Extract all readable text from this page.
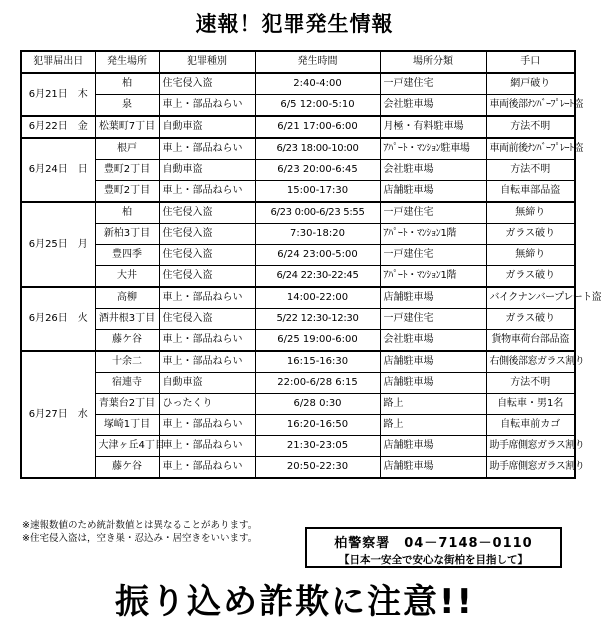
速報！犯罪発生情報
犯罪届出日	発生場所	犯罪種別	発生時間	場所分類	手口
6月21日　木	柏	住宅侵入盗	2:40-4:00	一戸建住宅	網戸破り
	泉	車上・部品ねらい	6/5 12:00-5:10	会社駐車場	車両後部ﾅﾝﾊﾞｰﾌﾟﾚｰﾄ盗
6月22日　金	松葉町7丁目	自動車盗	6/21 17:00-6:00	月極・有料駐車場	方法不明
6月24日　日	根戸	車上・部品ねらい	6/23 18:00-10:00	ｱﾊﾟｰﾄ・ﾏﾝｼｮﾝ駐車場	車両前後ﾅﾝﾊﾞｰﾌﾟﾚｰﾄ盗
	豊町2丁目	自動車盗	6/23 20:00-6:45	会社駐車場	方法不明
	豊町2丁目	車上・部品ねらい	15:00-17:30	店舗駐車場	自転車部品盗
6月25日　月	柏	住宅侵入盗	6/23 0:00-6/23 5:55	一戸建住宅	無締り
	新柏3丁目	住宅侵入盗	7:30-18:20	ｱﾊﾟｰﾄ・ﾏﾝｼｮﾝ1階	ガラス破り
	豊四季	住宅侵入盗	6/24 23:00-5:00	一戸建住宅	無締り
	大井	住宅侵入盗	6/24 22:30-22:45	ｱﾊﾟｰﾄ・ﾏﾝｼｮﾝ1階	ガラス破り
6月26日　火	高柳	車上・部品ねらい	14:00-22:00	店舗駐車場	バイクナンバープレート盗
	酒井根3丁目	住宅侵入盗	5/22 12:30-12:30	一戸建住宅	ガラス破り
	藤ケ谷	車上・部品ねらい	6/25 19:00-6:00	会社駐車場	貨物車荷台部品盗
6月27日　水	十余二	車上・部品ねらい	16:15-16:30	店舗駐車場	右側後部窓ガラス割り
	宿連寺	自動車盗	22:00-6/28 6:15	店舗駐車場	方法不明
	青葉台2丁目	ひったくり	6/28 0:30	路上	自転車・男1名
	塚崎1丁目	車上・部品ねらい	16:20-16:50	路上	自転車前カゴ
	大津ヶ丘4丁目	車上・部品ねらい	21:30-23:05	店舗駐車場	助手席側窓ガラス割り
	藤ケ谷	車上・部品ねらい	20:50-22:30	店舗駐車場	助手席側窓ガラス割り
※速報数値のため統計数値とは異なることがあります。
※住宅侵入盗は，空き巣・忍込み・居空きをいいます。	柏警察署　04－7148－0110
【日本一安全で安心な街柏を目指して】
振り込め詐欺に注意!!
